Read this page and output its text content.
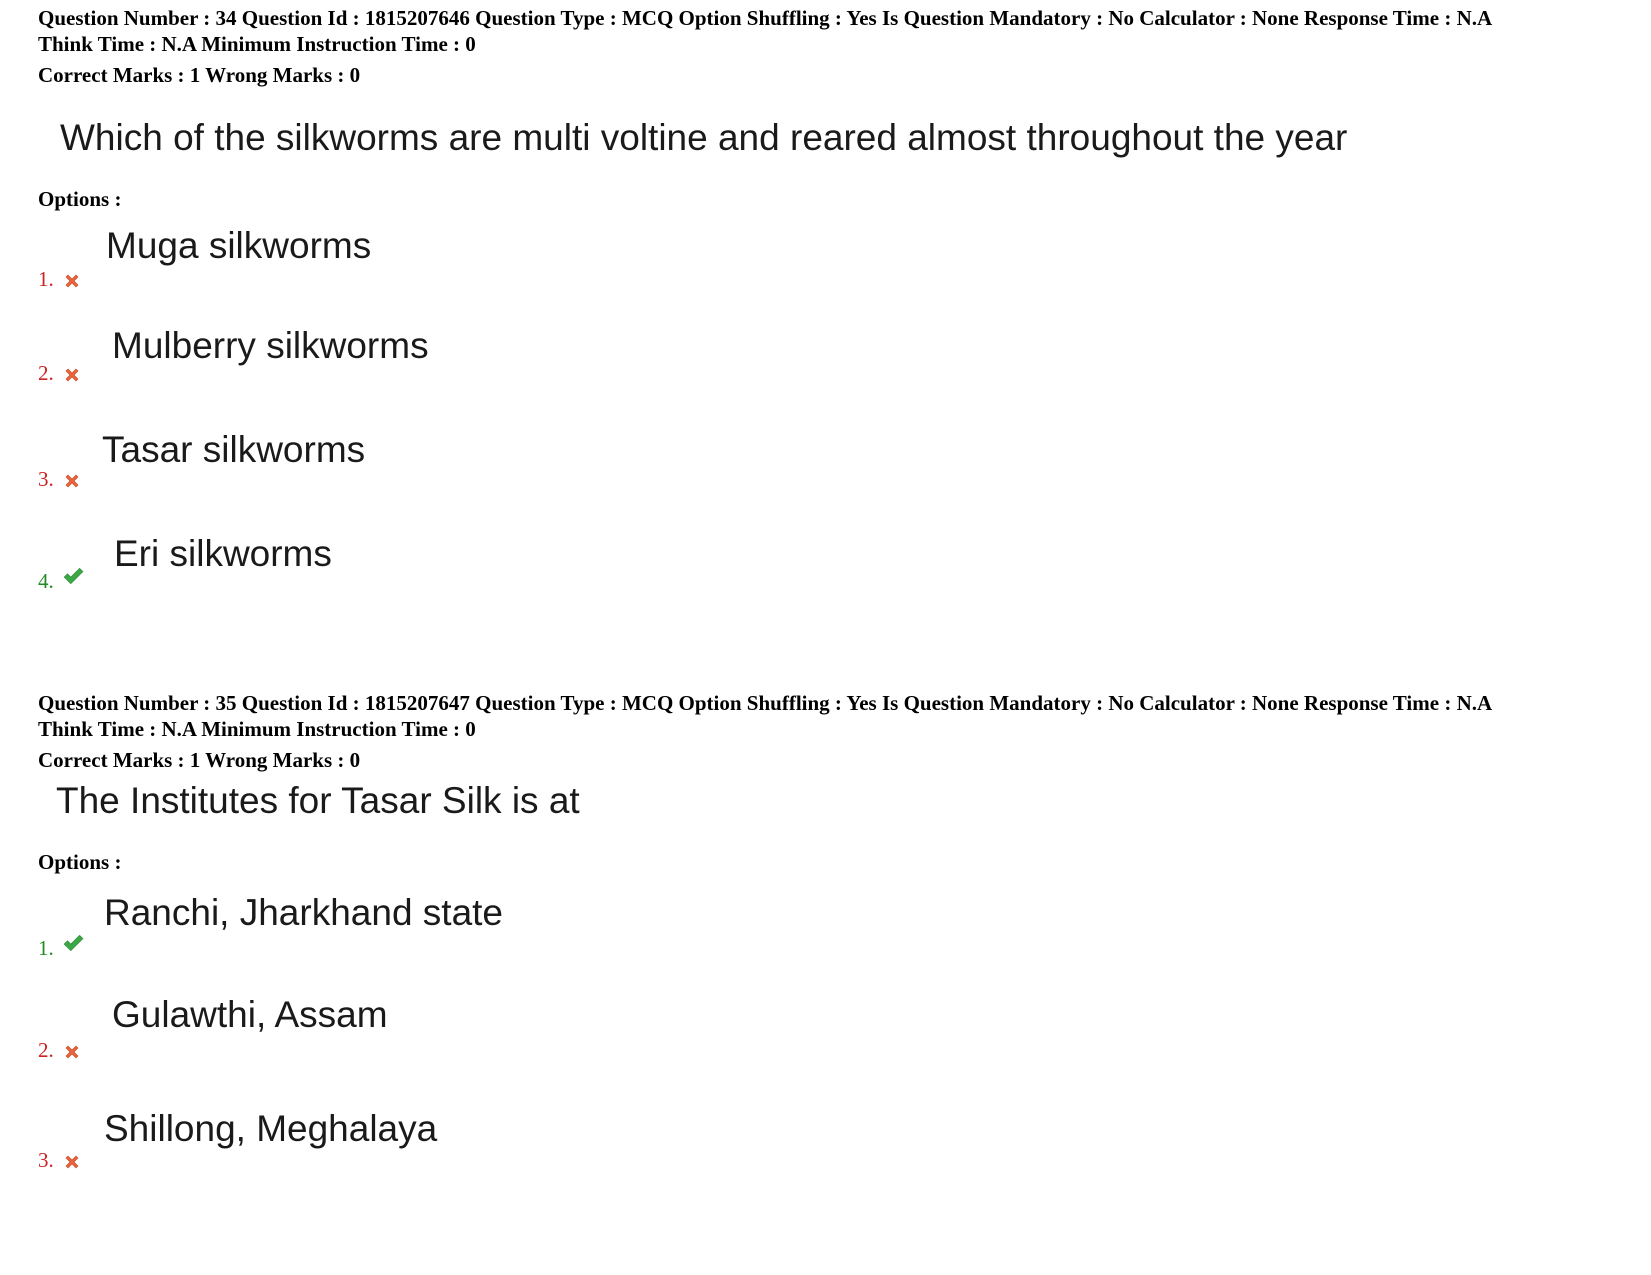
Question Number : 34 Question Id : 1815207646 Question Type : MCQ Option Shuffling : Yes Is Question Mandatory : No Calculator : None Response Time : N.A
Think Time : N.A Minimum Instruction Time : 0
Correct Marks : 1 Wrong Marks : 0
Which of the silkworms are multi voltine and reared almost throughout the year
Options :
Muga silkworms
1.
Mulberry silkworms
2.
Tasar silkworms
3.
Eri silkworms
4.
Question Number : 35 Question Id : 1815207647 Question Type : MCQ Option Shuffling : Yes Is Question Mandatory : No Calculator : None Response Time : N.A
Think Time : N.A Minimum Instruction Time : 0
Correct Marks : 1 Wrong Marks : 0
The Institutes for Tasar Silk is at
Options :
Ranchi, Jharkhand state
1.
Gulawthi, Assam
2.
Shillong, Meghalaya
3.
